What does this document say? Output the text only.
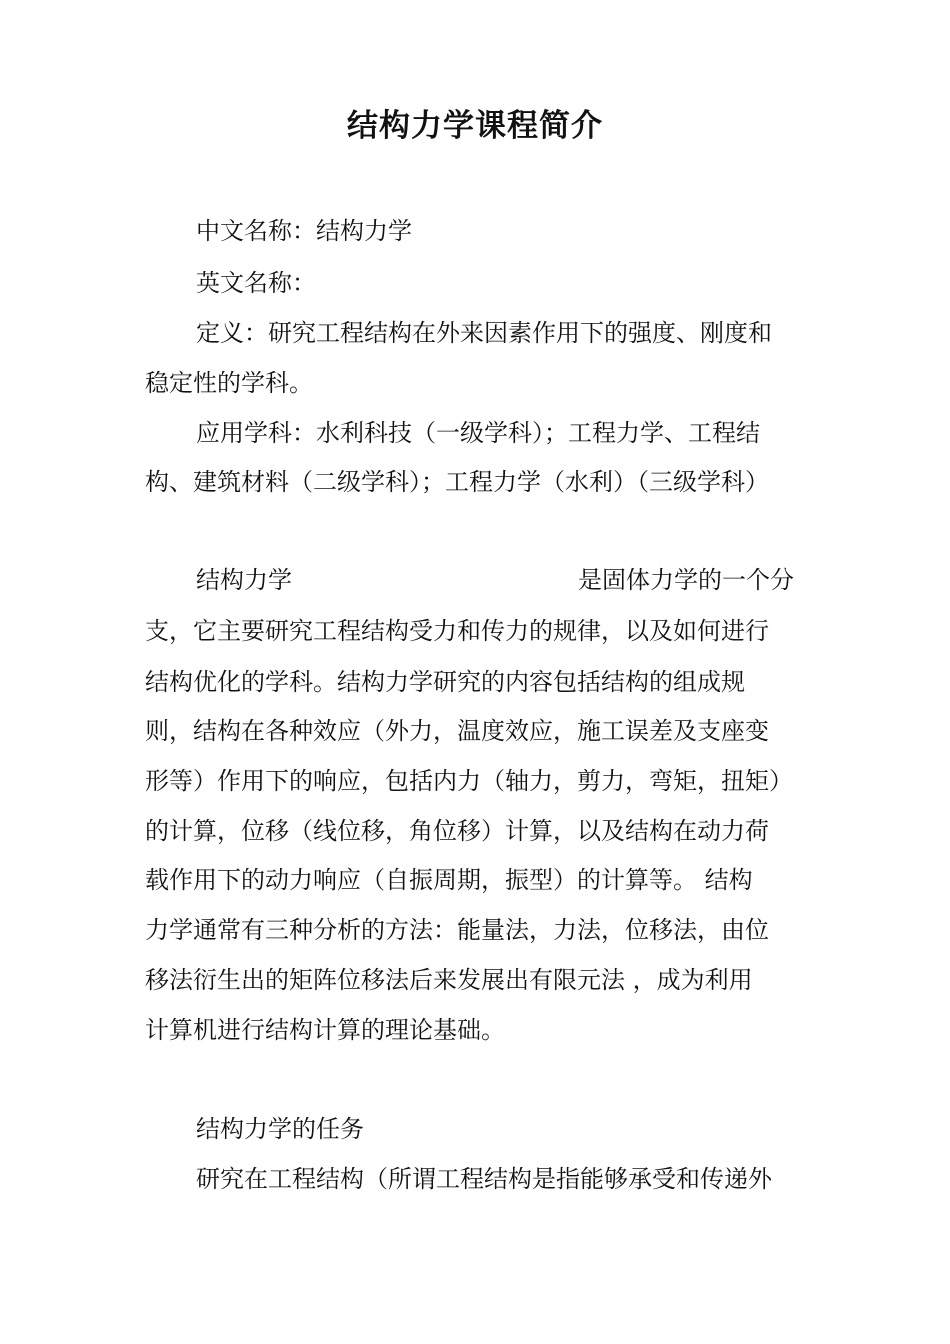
结构力学课程简介
中文名称：结构力学
英文名称：
定义：研究工程结构在外来因素作用下的强度、刚度和
稳定性的学科。
应用学科：水利科技（一级学科）；工程力学、工程结
构、建筑材料（二级学科）；工程力学（水利）（三级学科）
结构力学	是固体力学的一个分
支，它主要研究工程结构受力和传力的规律，以及如何进行
结构优化的学科。结构力学研究的内容包括结构的组成规
则，结构在各种效应（外力，温度效应，施工误差及支座变
形等）作用下的响应，包括内力（轴力，剪力，弯矩，扭矩）
的计算，位移（线位移，角位移）计算，以及结构在动力荷
载作用下的动力响应（自振周期，振型）的计算等。 结构
力学通常有三种分析的方法：能量法，力法，位移法，由位
移法衍生出的矩阵位移法后来发展出有限元法 ，成为利用
计算机进行结构计算的理论基础。
结构力学的任务
研究在工程结构（所谓工程结构是指能够承受和传递外
